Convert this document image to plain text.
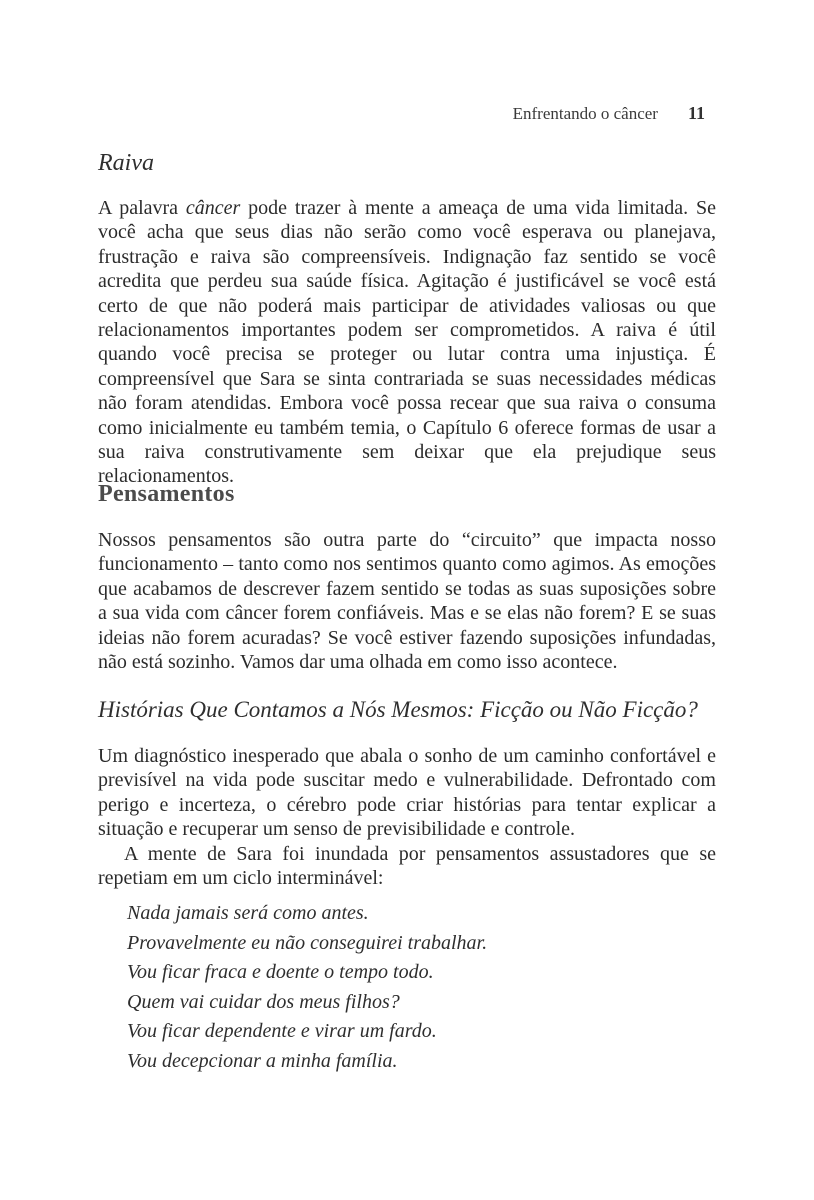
Enfrentando o câncer 11
Raiva

A palavra câncer pode trazer à mente a ameaça de uma vida limitada. Se você acha que seus dias não serão como você esperava ou planejava, frustração e raiva são compreensíveis. Indignação faz sentido se você acredita que perdeu sua saúde física. Agitação é justificável se você está certo de que não poderá mais participar de atividades valiosas ou que relacionamentos importantes podem ser comprometidos. A raiva é útil quando você precisa se proteger ou lutar contra uma injustiça. É compreensível que Sara se sinta contrariada se suas necessidades médicas não foram atendidas. Embora você possa recear que sua raiva o consuma como inicialmente eu também temia, o Capítulo 6 oferece formas de usar a sua raiva construtivamente sem deixar que ela prejudique seus relacionamentos.

Pensamentos

Nossos pensamentos são outra parte do “circuito” que impacta nosso funcionamento – tanto como nos sentimos quanto como agimos. As emoções que acabamos de descrever fazem sentido se todas as suas suposições sobre a sua vida com câncer forem confiáveis. Mas e se elas não forem? E se suas ideias não forem acuradas? Se você estiver fazendo suposições infundadas, não está sozinho. Vamos dar uma olhada em como isso acontece.

Histórias Que Contamos a Nós Mesmos: Ficção ou Não Ficção?

Um diagnóstico inesperado que abala o sonho de um caminho confortável e previsível na vida pode suscitar medo e vulnerabilidade. Defrontado com perigo e incerteza, o cérebro pode criar histórias para tentar explicar a situação e recuperar um senso de previsibilidade e controle.

A mente de Sara foi inundada por pensamentos assustadores que se repetiam em um ciclo interminável:

Nada jamais será como antes.
Provavelmente eu não conseguirei trabalhar.
Vou ficar fraca e doente o tempo todo.
Quem vai cuidar dos meus filhos?
Vou ficar dependente e virar um fardo.
Vou decepcionar a minha família.
